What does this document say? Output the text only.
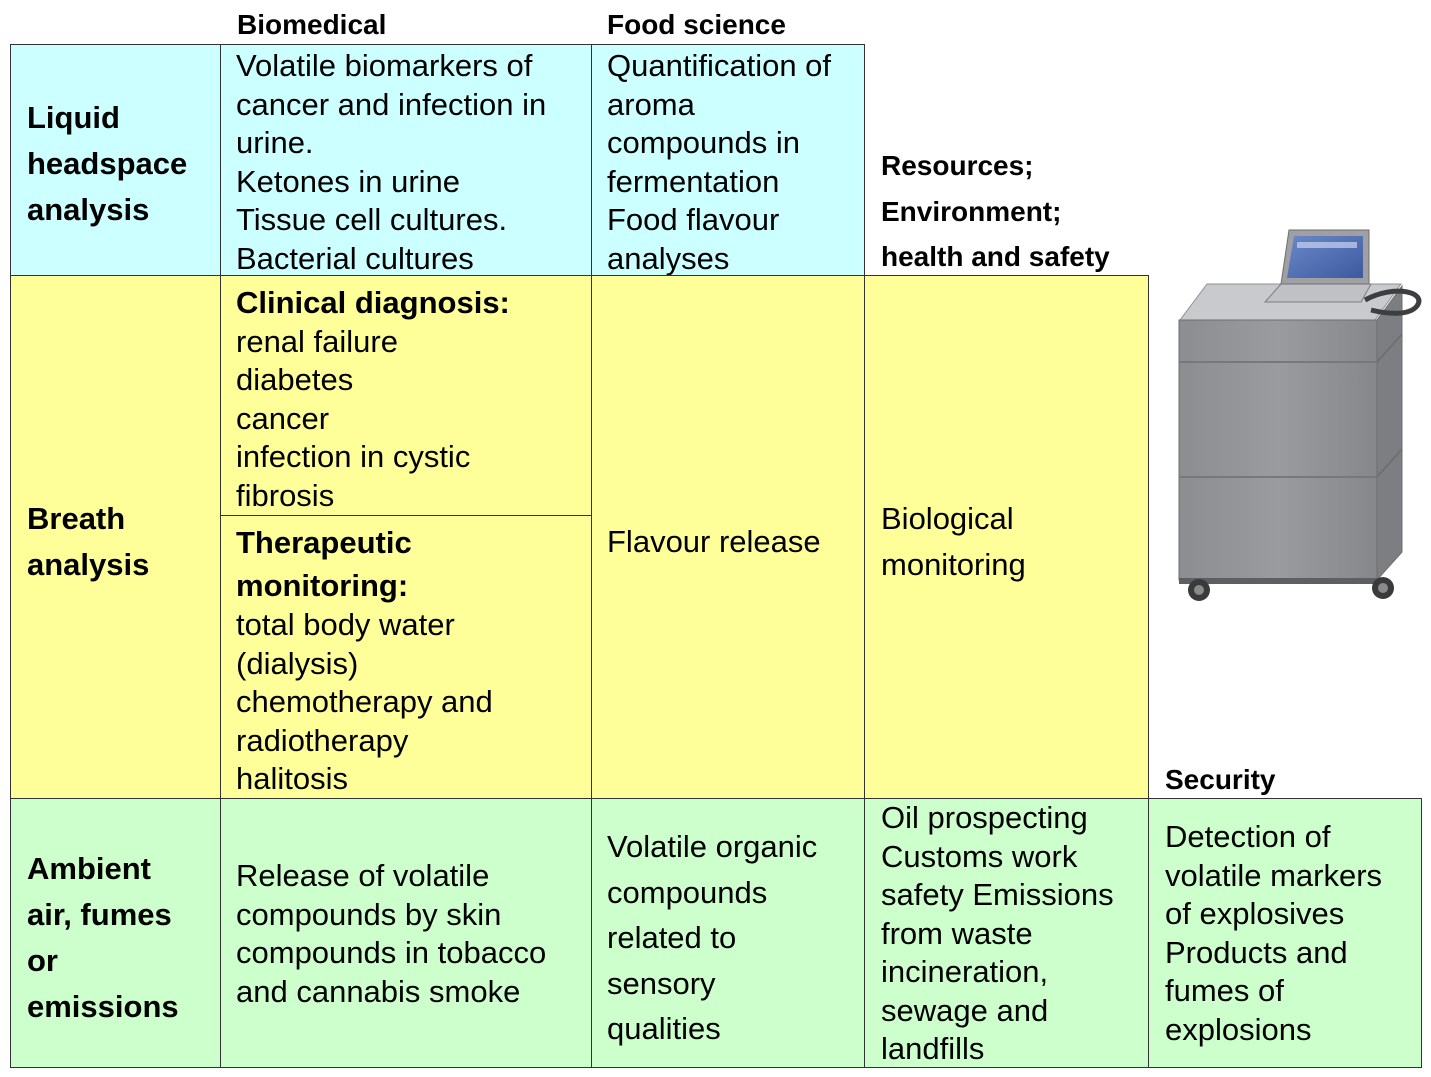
Biomedical	Food science
Resources;
Environment;
health and safety
Security
Liquid
headspace
analysis
Volatile biomarkers of
cancer and infection in
urine.
Ketones in urine
Tissue cell cultures.
Bacterial cultures
Quantification of
aroma
compounds in
fermentation
Food flavour
analyses
Breath
analysis
Clinical diagnosis:
renal failure
diabetes
cancer
infection in cystic
fibrosis
Therapeutic
monitoring:
total body water
(dialysis)
chemotherapy and
radiotherapy
halitosis
Flavour release
Biological
monitoring
Ambient
air, fumes
or
emissions
Release of volatile
compounds by skin
compounds in tobacco
and cannabis smoke
Volatile organic
compounds
related to
sensory
qualities
Oil prospecting
Customs work
safety Emissions
from waste
incineration,
sewage and
landfills
Detection of
volatile markers
of explosives
Products and
fumes of
explosions
